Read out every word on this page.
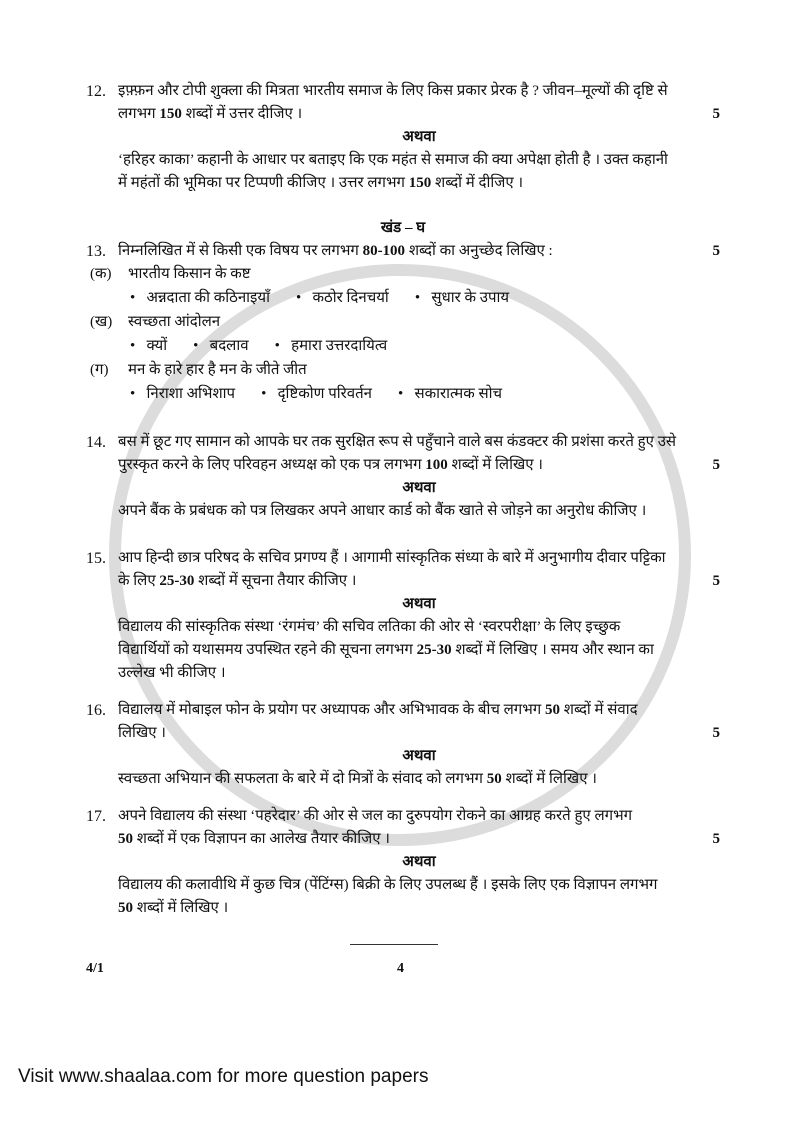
12. इफ़्फ़न और टोपी शुक्ला की मित्रता भारतीय समाज के लिए किस प्रकार प्रेरक है ? जीवन–मूल्यों की दृष्टि से
लगभग 150 शब्दों में उत्तर दीजिए ।	5
अथवा
‘हरिहर काका’ कहानी के आधार पर बताइए कि एक महंत से समाज की क्या अपेक्षा होती है । उक्त कहानी
में महंतों की भूमिका पर टिप्पणी कीजिए । उत्तर लगभग 150 शब्दों में दीजिए ।
खंड – घ
13. निम्नलिखित में से किसी एक विषय पर लगभग 80-100 शब्दों का अनुच्छेद लिखिए :	5
(क) भारतीय किसान के कष्ट
•   अन्नदाता की कठिनाइयाँ •   कठोर दिनचर्या •   सुधार के उपाय
(ख) स्वच्छता आंदोलन
•   क्यों •   बदलाव •   हमारा उत्तरदायित्व
(ग) मन के हारे हार है मन के जीते जीत
•   निराशा अभिशाप •   दृष्टिकोण परिवर्तन •   सकारात्मक सोच
14. बस में छूट गए सामान को आपके घर तक सुरक्षित रूप से पहुँचाने वाले बस कंडक्टर की प्रशंसा करते हुए उसे
पुरस्कृत करने के लिए परिवहन अध्यक्ष को एक पत्र लगभग 100 शब्दों में लिखिए ।	5
अथवा
अपने बैंक के प्रबंधक को पत्र लिखकर अपने आधार कार्ड को बैंक खाते से जोड़ने का अनुरोध कीजिए ।
15. आप हिन्दी छात्र परिषद के सचिव प्रगण्य हैं । आगामी सांस्कृतिक संध्या के बारे में अनुभागीय दीवार पट्टिका
के लिए 25-30 शब्दों में सूचना तैयार कीजिए ।	5
अथवा
विद्यालय की सांस्कृतिक संस्था ‘रंगमंच’ की सचिव लतिका की ओर से ‘स्वरपरीक्षा’ के लिए इच्छुक
विद्यार्थियों को यथासमय उपस्थित रहने की सूचना लगभग 25-30 शब्दों में लिखिए । समय और स्थान का
उल्लेख भी कीजिए ।
16. विद्यालय में मोबाइल फोन के प्रयोग पर अध्यापक और अभिभावक के बीच लगभग 50 शब्दों में संवाद
लिखिए ।	5
अथवा
स्वच्छता अभियान की सफलता के बारे में दो मित्रों के संवाद को लगभग 50 शब्दों में लिखिए ।
17. अपने विद्यालय की संस्था ‘पहरेदार’ की ओर से जल का दुरुपयोग रोकने का आग्रह करते हुए लगभग
50 शब्दों में एक विज्ञापन का आलेख तैयार कीजिए ।	5
अथवा
विद्यालय की कलावीथि में कुछ चित्र (पेंटिंग्स) बिक्री के लिए उपलब्ध हैं । इसके लिए एक विज्ञापन लगभग
50 शब्दों में लिखिए ।
4/1	4
Visit www.shaalaa.com for more question papers
